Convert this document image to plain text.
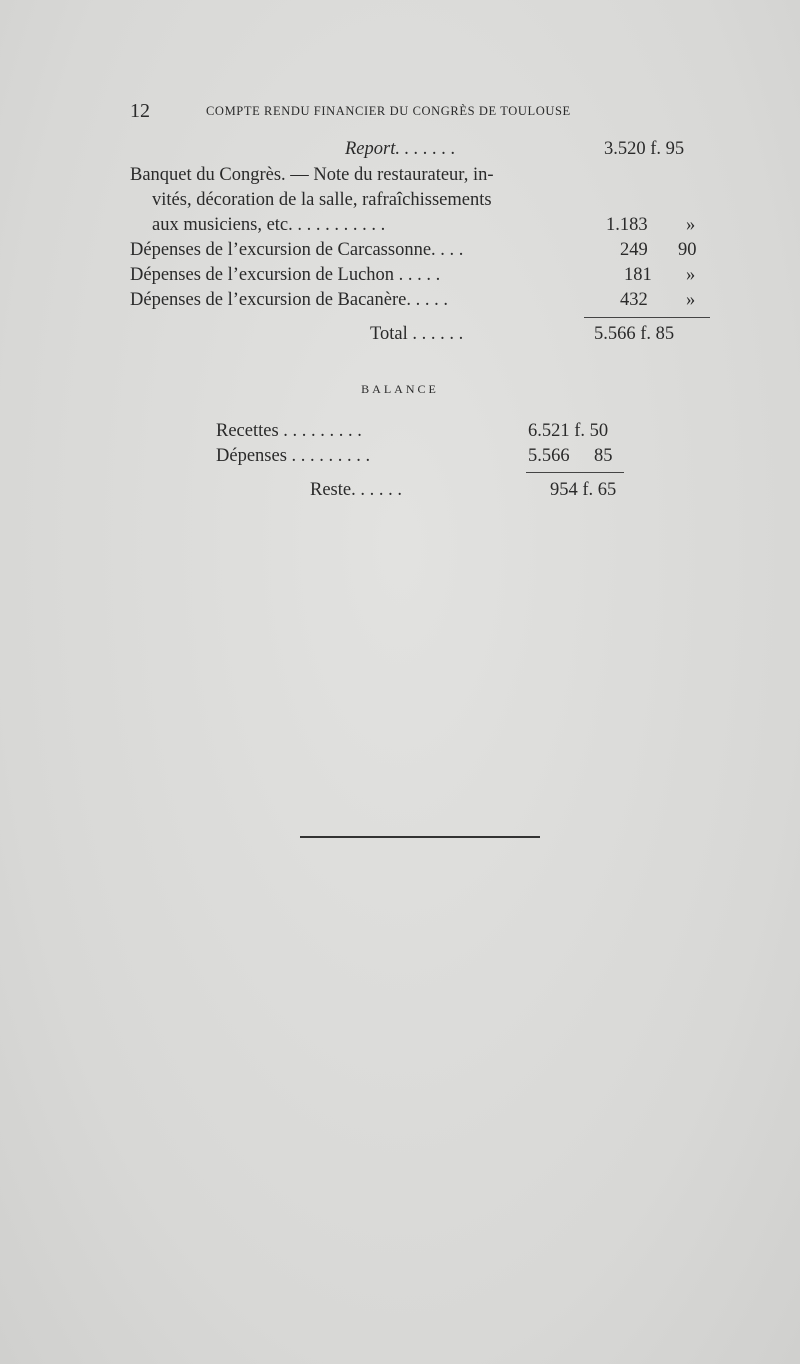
12	COMPTE RENDU FINANCIER DU CONGRÈS DE TOULOUSE
Report. . . . . . .	3.520 f. 95
Banquet du Congrès. — Note du restaurateur, in-
vités, décoration de la salle, rafraîchissements
aux musiciens, etc. . . . . . . . . . .	1.183 »
Dépenses de l’excursion de Carcassonne. . . .	249 90
Dépenses de l’excursion de Luchon . . . . .	181 »
Dépenses de l’excursion de Bacanère. . . . .	432 »
Total . . . . . .	5.566 f. 85
BALANCE
Recettes . . . . . . . . .	6.521 f. 50
Dépenses . . . . . . . . .	5.566 85
Reste. . . . . .	954 f. 65
